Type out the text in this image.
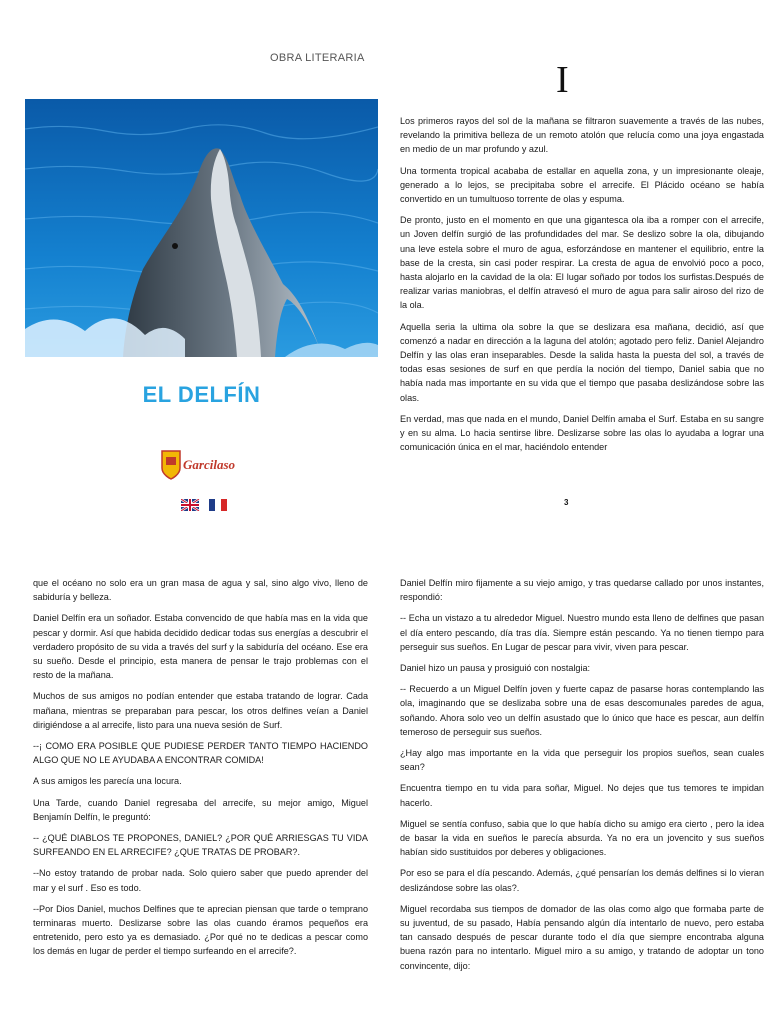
OBRA LITERARIA
EL DELFÍN
Garcilaso
I

Los primeros rayos del sol de la mañana se filtraron suavemente a través de las nubes, revelando la primitiva belleza de un remoto atolón que relucía como una joya engastada en medio de un mar profundo y azul.

Una tormenta tropical acababa de estallar en aquella zona, y un impresionante oleaje, generado a lo lejos, se precipitaba sobre el arrecife. El Plácido océano se había convertido en un tumultuoso torrente de olas y espuma.

De pronto, justo en el momento en que una gigantesca ola iba a romper con el arrecife, un Joven delfín surgió de las profundidades del mar. Se deslizo sobre la ola, dibujando una leve estela sobre el muro de agua, esforzándose en mantener el equilibrio, entre la base de la cresta, sin casi poder respirar. La cresta de agua de envolvió poco a poco, hasta alojarlo en la cavidad de la ola: El lugar soñado por todos los surfistas.Después de realizar varias maniobras, el delfín atravesó el muro de agua para salir airoso del rizo de la ola.

Aquella seria la ultima ola sobre la que se deslizara esa mañana, decidió, así que comenzó a nadar en dirección a la laguna del atolón; agotado pero feliz. Daniel Alejandro Delfín y las olas eran inseparables. Desde la salida hasta la puesta del sol, a través de todas esas sesiones de surf en que perdía la noción del tiempo, Daniel sabia que no había nada mas importante en su vida que el tiempo que pasaba deslizándose sobre las olas.

En verdad, mas que nada en el mundo, Daniel Delfín amaba el Surf. Estaba en su sangre y en su alma. Lo hacia sentirse libre. Deslizarse sobre las olas lo ayudaba a lograr una comunicación única en el mar, haciéndolo entender

3

que el océano no solo era un gran masa de agua y sal, sino algo vivo, lleno de sabiduría y belleza.

Daniel Delfín era un soñador. Estaba convencido de que había mas en la vida que pescar y dormir. Así que habida decidido dedicar todas sus energías a descubrir el verdadero propósito de su vida a través del surf y la sabiduría del océano. Ese era su sueño. Desde el principio, esta manera de pensar le trajo problemas con el resto de la mañana.

Muchos de sus amigos no podían entender que estaba tratando de lograr. Cada mañana, mientras se preparaban para pescar, los otros delfines veían a Daniel dirigiéndose a al arrecife, listo para una nueva sesión de Surf.

--¡ COMO ERA POSIBLE QUE PUDIESE PERDER TANTO TIEMPO HACIENDO ALGO QUE NO LE AYUDABA A ENCONTRAR COMIDA!

A sus amigos les parecía una locura.

Una Tarde, cuando Daniel regresaba del arrecife, su mejor amigo, Miguel Benjamín Delfín, le preguntó:

-- ¿QUÉ DIABLOS TE PROPONES, DANIEL? ¿POR QUÉ ARRIESGAS TU VIDA SURFEANDO EN EL ARRECIFE? ¿QUE TRATAS DE PROBAR?.

--No estoy tratando de probar nada. Solo quiero saber que puedo aprender del mar y el surf . Eso es todo.

--Por Dios Daniel, muchos Delfines que te aprecian piensan que tarde o temprano terminaras muerto. Deslizarse sobre las olas cuando éramos pequeños era entretenido, pero esto ya es demasiado. ¿Por qué no te dedicas a pescar como los demás en lugar de perder el tiempo surfeando en el arrecife?.

Daniel Delfín miro fijamente a su viejo amigo, y tras quedarse callado por unos instantes, respondió:

-- Echa un vistazo a tu alrededor Miguel. Nuestro mundo esta lleno de delfines que pasan el día entero pescando, día tras día. Siempre están pescando. Ya no tienen tiempo para perseguir sus sueños. En Lugar de pescar para vivir, viven para pescar.

Daniel hizo un pausa y prosiguió con nostalgia:

-- Recuerdo a un Miguel Delfín joven y fuerte capaz de pasarse horas contemplando las ola, imaginando que se deslizaba sobre una de esas descomunales paredes de agua, soñando. Ahora solo veo un delfín asustado que lo único que hace es pescar, aun delfín temeroso de perseguir sus sueños.

¿Hay algo mas importante en la vida que perseguir los propios sueños, sean cuales sean?

Encuentra tiempo en tu vida para soñar, Miguel. No dejes que tus temores te impidan hacerlo.

Miguel se sentía confuso, sabia que lo que había dicho su amigo era cierto , pero la idea de basar la vida en sueños le parecía absurda. Ya no era un jovencito y sus sueños habían sido sustituidos por deberes y obligaciones.

Por eso se para el día pescando. Además, ¿qué pensarían los demás delfines si lo vieran deslizándose sobre las olas?.

Miguel recordaba sus tiempos de domador de las olas como algo que formaba parte de su juventud, de su pasado, Había pensando algún día intentarlo de nuevo, pero estaba tan cansado después de pescar durante todo el día que siempre encontraba alguna buena razón para no intentarlo. Miguel miro a su amigo, y tratando de adoptar un tono convincente, dijo:
